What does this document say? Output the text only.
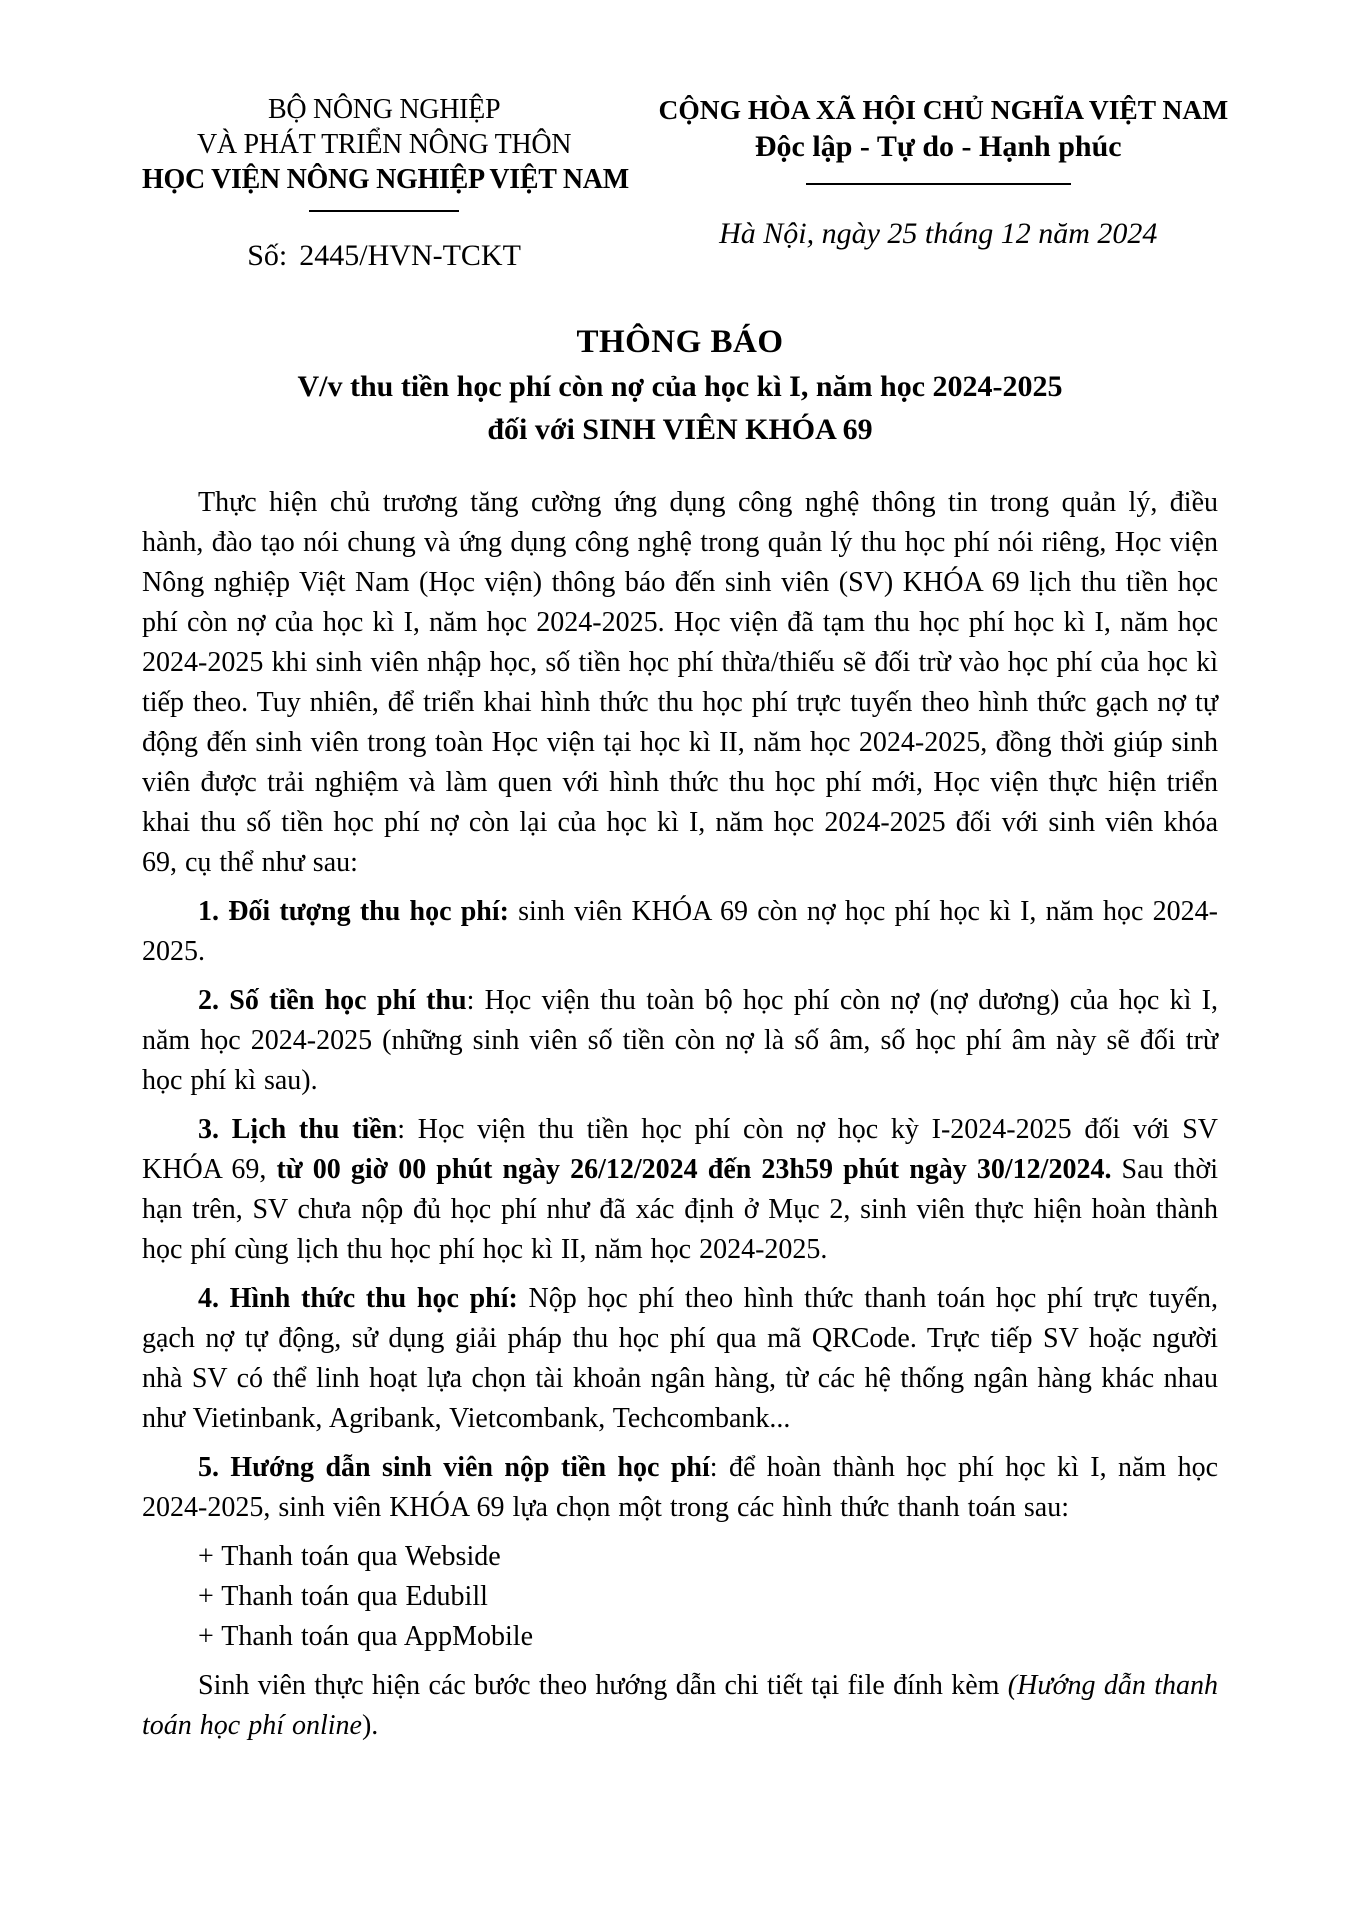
BỘ NÔNG NGHIỆP
VÀ PHÁT TRIỂN NÔNG THÔN
HỌC VIỆN NÔNG NGHIỆP VIỆT NAM
Số: 2445/HVN-TCKT
CỘNG HÒA XÃ HỘI CHỦ NGHĨA VIỆT NAM
Độc lập - Tự do - Hạnh phúc
Hà Nội, ngày 25 tháng 12 năm 2024
THÔNG BÁO
V/v thu tiền học phí còn nợ của học kì I, năm học 2024-2025
đối với SINH VIÊN KHÓA 69

Thực hiện chủ trương tăng cường ứng dụng công nghệ thông tin trong quản lý, điều hành, đào tạo nói chung và ứng dụng công nghệ trong quản lý thu học phí nói riêng, Học viện Nông nghiệp Việt Nam (Học viện) thông báo đến sinh viên (SV) KHÓA 69 lịch thu tiền học phí còn nợ của học kì I, năm học 2024-2025. Học viện đã tạm thu học phí học kì I, năm học 2024-2025 khi sinh viên nhập học, số tiền học phí thừa/thiếu sẽ đối trừ vào học phí của học kì tiếp theo. Tuy nhiên, để triển khai hình thức thu học phí trực tuyến theo hình thức gạch nợ tự động đến sinh viên trong toàn Học viện tại học kì II, năm học 2024-2025, đồng thời giúp sinh viên được trải nghiệm và làm quen với hình thức thu học phí mới, Học viện thực hiện triển khai thu số tiền học phí nợ còn lại của học kì I, năm học 2024-2025 đối với sinh viên khóa 69, cụ thể như sau:

1. Đối tượng thu học phí: sinh viên KHÓA 69 còn nợ học phí học kì I, năm học 2024-2025.

2. Số tiền học phí thu: Học viện thu toàn bộ học phí còn nợ (nợ dương) của học kì I, năm học 2024-2025 (những sinh viên số tiền còn nợ là số âm, số học phí âm này sẽ đối trừ học phí kì sau).

3. Lịch thu tiền: Học viện thu tiền học phí còn nợ học kỳ I-2024-2025 đối với SV KHÓA 69, từ 00 giờ 00 phút ngày 26/12/2024 đến 23h59 phút ngày 30/12/2024. Sau thời hạn trên, SV chưa nộp đủ học phí như đã xác định ở Mục 2, sinh viên thực hiện hoàn thành học phí cùng lịch thu học phí học kì II, năm học 2024-2025.

4. Hình thức thu học phí: Nộp học phí theo hình thức thanh toán học phí trực tuyến, gạch nợ tự động, sử dụng giải pháp thu học phí qua mã QRCode. Trực tiếp SV hoặc người nhà SV có thể linh hoạt lựa chọn tài khoản ngân hàng, từ các hệ thống ngân hàng khác nhau như Vietinbank, Agribank, Vietcombank, Techcombank...

5. Hướng dẫn sinh viên nộp tiền học phí: để hoàn thành học phí học kì I, năm học 2024-2025, sinh viên KHÓA 69 lựa chọn một trong các hình thức thanh toán sau:

+ Thanh toán qua Webside

+ Thanh toán qua Edubill

+ Thanh toán qua AppMobile

Sinh viên thực hiện các bước theo hướng dẫn chi tiết tại file đính kèm (Hướng dẫn thanh toán học phí online).
